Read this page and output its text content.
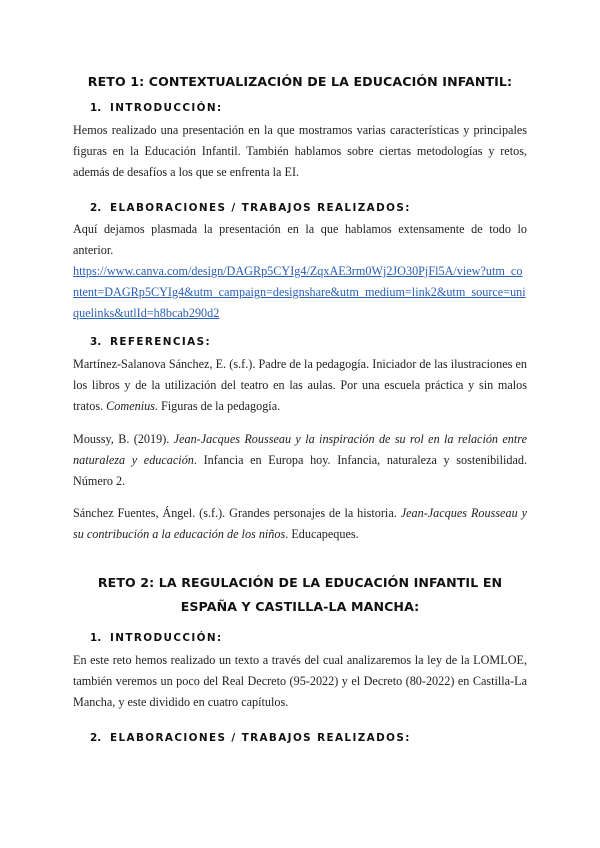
RETO 1: CONTEXTUALIZACIÓN DE LA EDUCACIÓN INFANTIL:
1. INTRODUCCIÓN:
Hemos realizado una presentación en la que mostramos varias características y principales figuras en la Educación Infantil. También hablamos sobre ciertas metodologías y retos, además de desafíos a los que se enfrenta la EI.
2. ELABORACIONES / TRABAJOS REALIZADOS:
Aquí dejamos plasmada la presentación en la que hablamos extensamente de todo lo anterior.
https://www.canva.com/design/DAGRp5CYIg4/ZqxAE3rm0Wj2JO30PjFl5A/view?utm_content=DAGRp5CYIg4&utm_campaign=designshare&utm_medium=link2&utm_source=uniquelinks&utlId=h8bcab290d2
3. REFERENCIAS:
Martínez-Salanova Sánchez, E. (s.f.). Padre de la pedagogía. Iniciador de las ilustraciones en los libros y de la utilización del teatro en las aulas. Por una escuela práctica y sin malos tratos. Comenius. Figuras de la pedagogía.
Moussy, B. (2019). Jean-Jacques Rousseau y la inspiración de su rol en la relación entre naturaleza y educación. Infancia en Europa hoy. Infancia, naturaleza y sostenibilidad. Número 2.
Sánchez Fuentes, Ángel. (s.f.). Grandes personajes de la historia. Jean-Jacques Rousseau y su contribución a la educación de los niños. Educapeques.
RETO 2: LA REGULACIÓN DE LA EDUCACIÓN INFANTIL EN ESPAÑA Y CASTILLA-LA MANCHA:
1. INTRODUCCIÓN:
En este reto hemos realizado un texto a través del cual analizaremos la ley de la LOMLOE, también veremos un poco del Real Decreto (95-2022) y el Decreto (80-2022) en Castilla-La Mancha, y este dividido en cuatro capítulos.
2. ELABORACIONES / TRABAJOS REALIZADOS:
